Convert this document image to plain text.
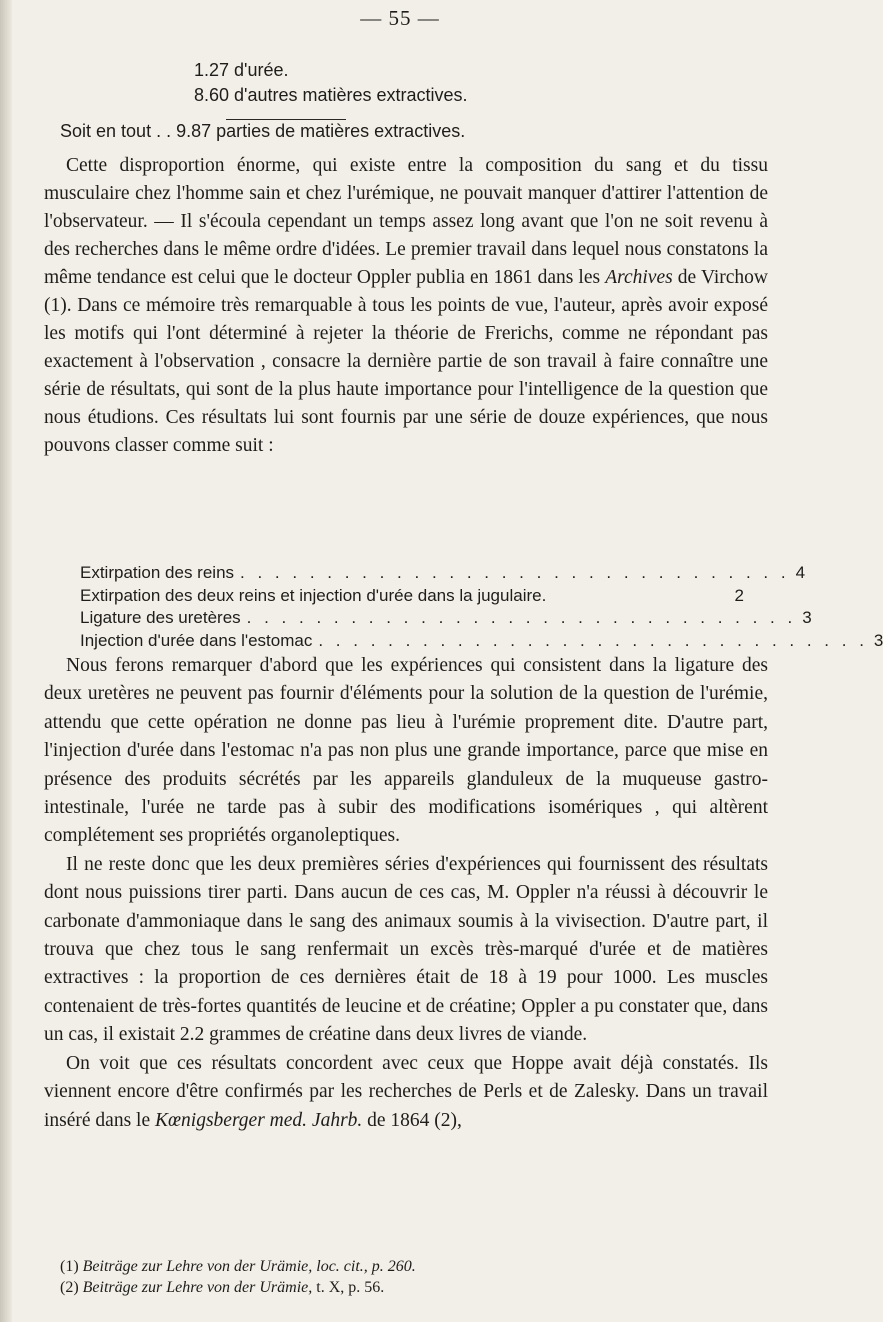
— 55 —
1.27 d'urée.
8.60 d'autres matières extractives.
Soit en tout . . 9.87 parties de matières extractives.

Cette disproportion énorme, qui existe entre la composition du sang et du tissu musculaire chez l'homme sain et chez l'urémique, ne pouvait manquer d'attirer l'attention de l'observateur. — Il s'écoula cependant un temps assez long avant que l'on ne soit revenu à des recherches dans le même ordre d'idées. Le premier travail dans lequel nous constatons la même tendance est celui que le docteur Oppler publia en 1861 dans les Archives de Virchow (1). Dans ce mémoire très remarquable à tous les points de vue, l'auteur, après avoir exposé les motifs qui l'ont déterminé à rejeter la théorie de Frerichs, comme ne répondant pas exactement à l'observation , consacre la dernière partie de son travail à faire connaître une série de résultats, qui sont de la plus haute importance pour l'intelligence de la question que nous étudions. Ces résultats lui sont fournis par une série de douze expériences, que nous pouvons classer comme suit :

Extirpation des reins . . . . . . . . . . . . . . . . . . . . . . . . . . . . . . . . 4
Extirpation des deux reins et injection d'urée dans la jugulaire.	2
Ligature des uretères . . . . . . . . . . . . . . . . . . . . . . . . . . . . . . . . 3
Injection d'urée dans l'estomac . . . . . . . . . . . . . . . . . . . . . . . . . . . . . . . . 3

Nous ferons remarquer d'abord que les expériences qui consistent dans la ligature des deux uretères ne peuvent pas fournir d'éléments pour la solution de la question de l'urémie, attendu que cette opération ne donne pas lieu à l'urémie proprement dite. D'autre part, l'injection d'urée dans l'estomac n'a pas non plus une grande importance, parce que mise en présence des produits sécrétés par les appareils glanduleux de la muqueuse gastro-intestinale, l'urée ne tarde pas à subir des modifications isomériques , qui altèrent complétement ses propriétés organoleptiques.

Il ne reste donc que les deux premières séries d'expériences qui fournissent des résultats dont nous puissions tirer parti. Dans aucun de ces cas, M. Oppler n'a réussi à découvrir le carbonate d'ammoniaque dans le sang des animaux soumis à la vivisection. D'autre part, il trouva que chez tous le sang renfermait un excès très-marqué d'urée et de matières extractives : la proportion de ces dernières était de 18 à 19 pour 1000. Les muscles contenaient de très-fortes quantités de leucine et de créatine; Oppler a pu constater que, dans un cas, il existait 2.2 grammes de créatine dans deux livres de viande.

On voit que ces résultats concordent avec ceux que Hoppe avait déjà constatés. Ils viennent encore d'être confirmés par les recherches de Perls et de Zalesky. Dans un travail inséré dans le Kœnigsberger med. Jahrb. de 1864 (2),

(1) Beiträge zur Lehre von der Urämie, loc. cit., p. 260.

(2) Beiträge zur Lehre von der Urämie, t. X, p. 56.
